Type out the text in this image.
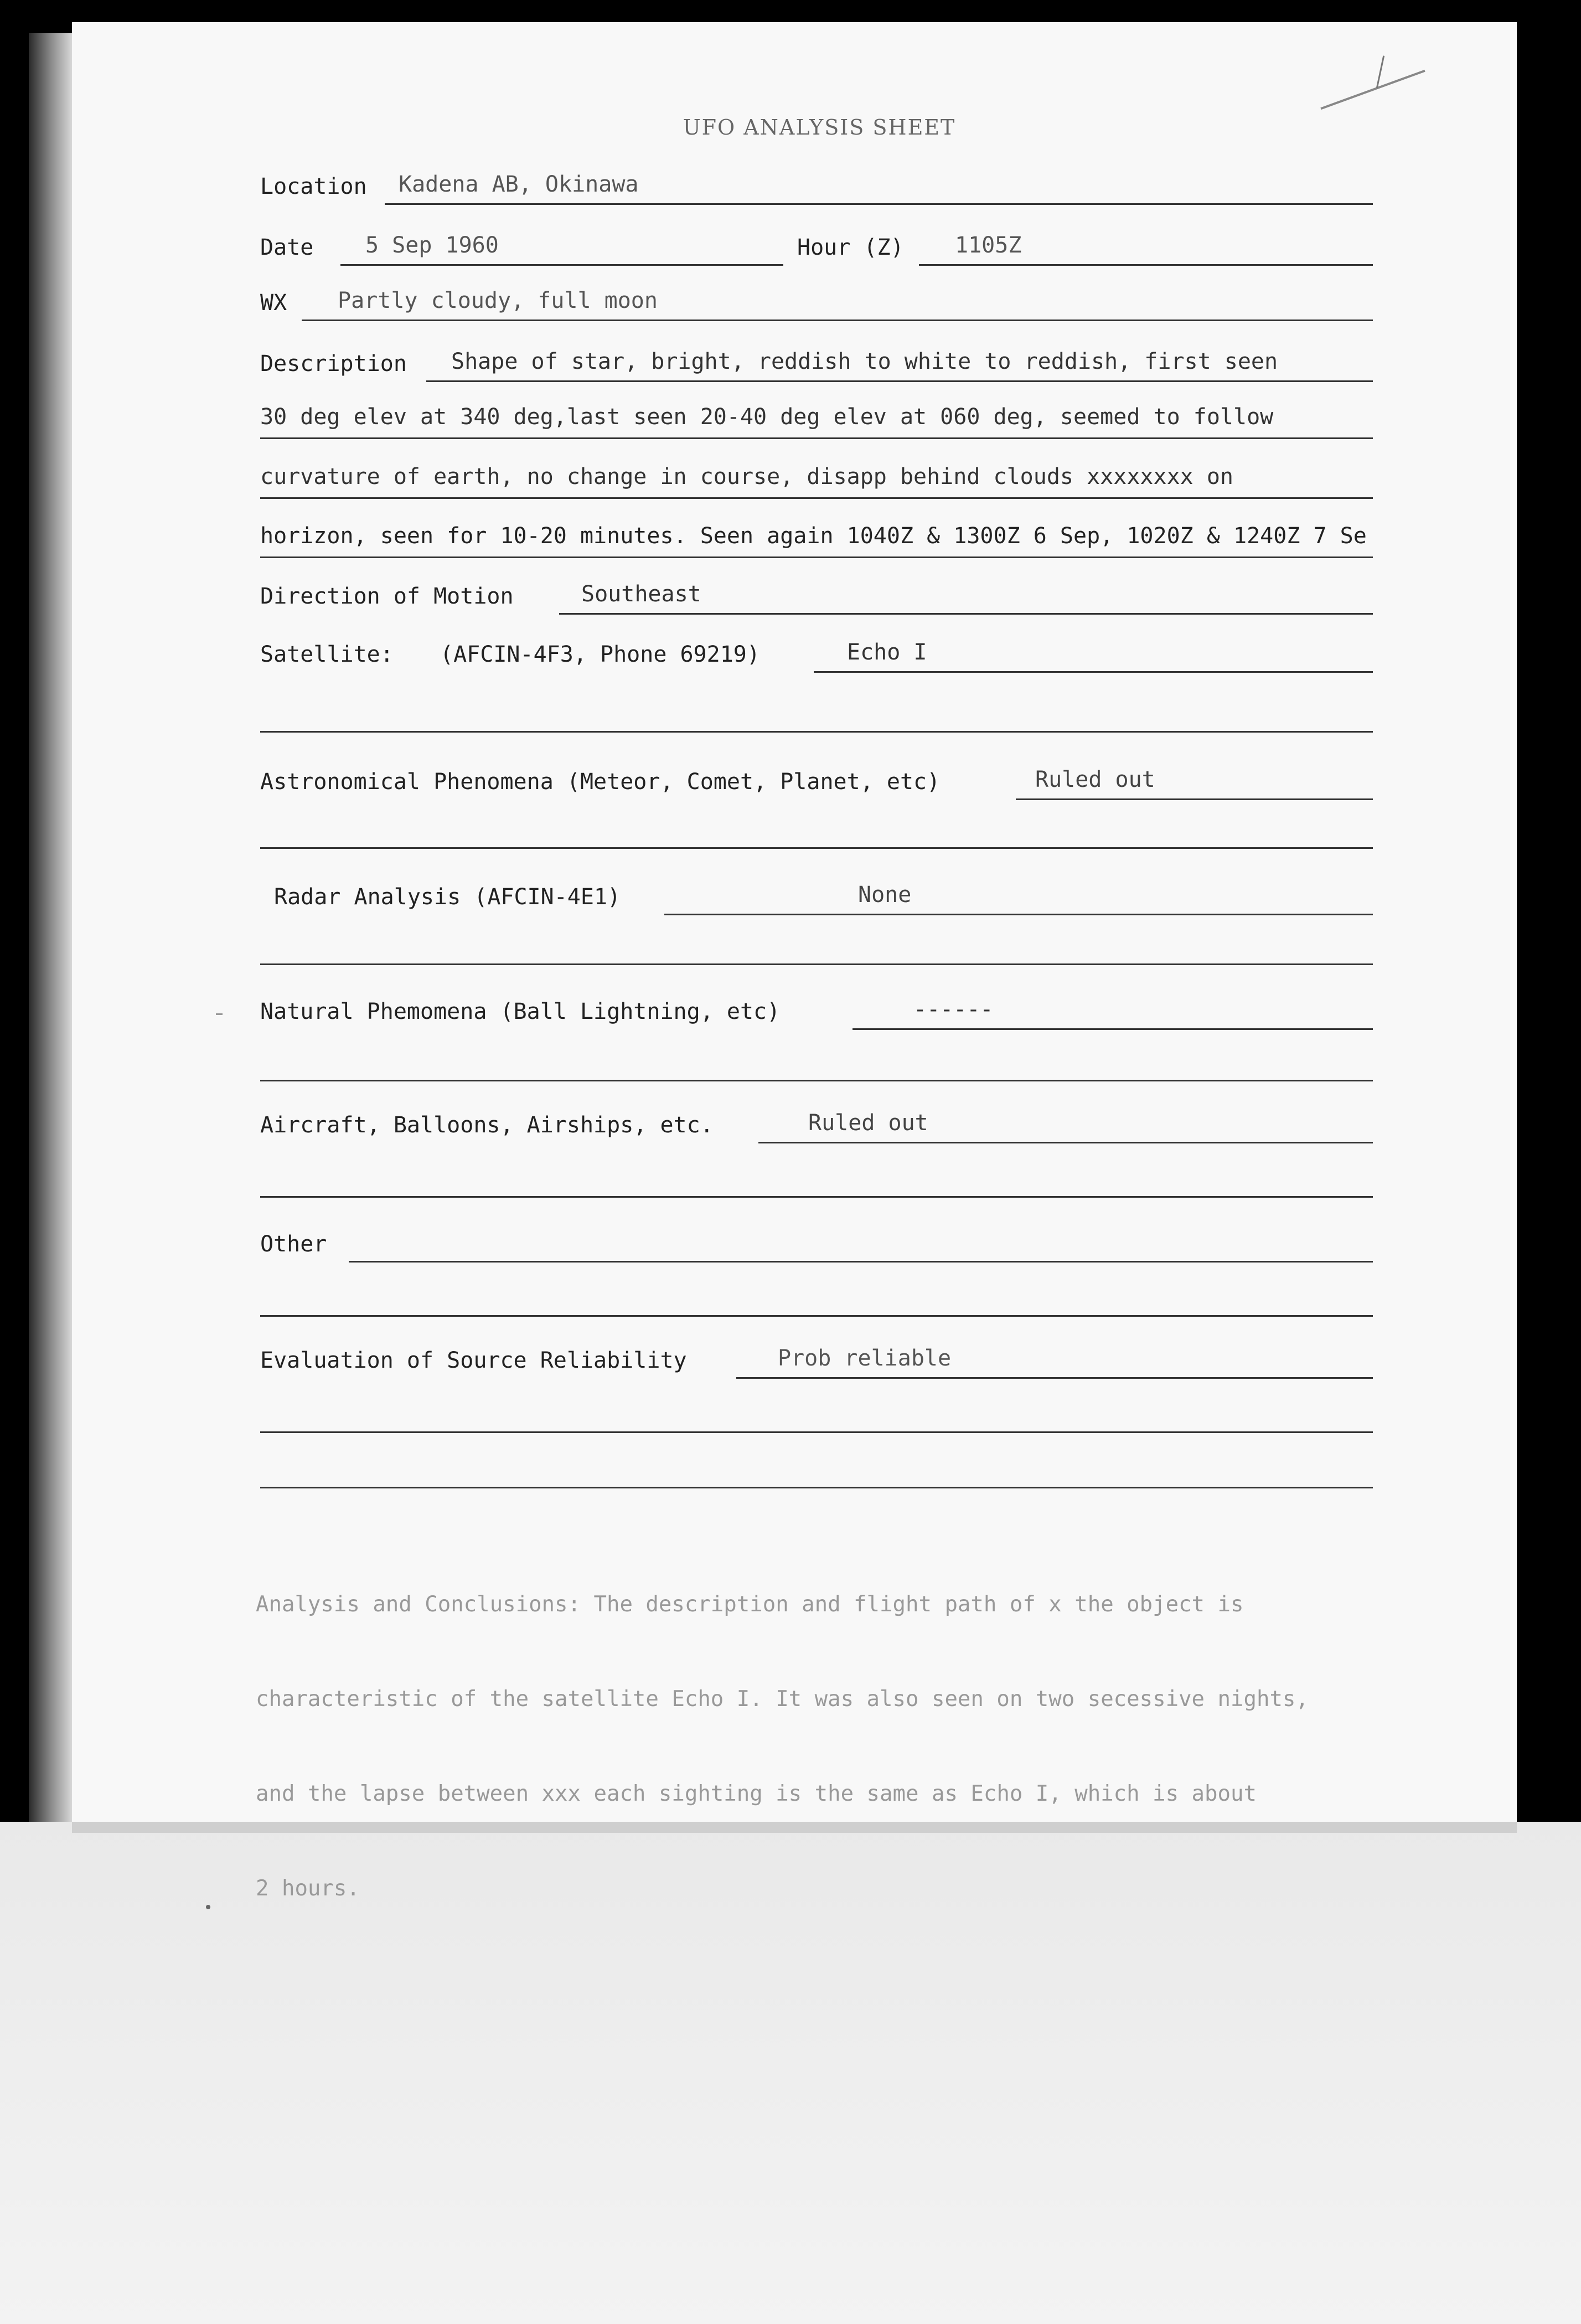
UFO ANALYSIS SHEET
Location Kadena AB, Okinawa
Date 5 Sep 1960	Hour (Z) 1105Z
WX Partly cloudy, full moon
Description Shape of star, bright, reddish to white to reddish, first seen
30 deg elev at 340 deg,last seen 20-40 deg elev at 060 deg, seemed to follow
curvature of earth, no change in course, disapp behind clouds xxxxxxxx on
horizon, seen for 10-20 minutes. Seen again 1040Z & 1300Z 6 Sep, 1020Z & 1240Z 7 Se
Direction of Motion	Southeast
Satellite: (AFCIN-4F3, Phone 69219)	Echo I
Astronomical Phenomena (Meteor, Comet, Planet, etc)	Ruled out
Radar Analysis (AFCIN-4E1)	None
Natural Phemomena (Ball Lightning, etc)	------
Aircraft, Balloons, Airships, etc.	Ruled out
Other
Evaluation of Source Reliability	Prob reliable

Analysis and Conclusions: The description and flight path of x the object is

characteristic of the satellite Echo I. It was also seen on two secessive nights,

and the lapse between xxx each sighting is the same as Echo I, which is about

2 hours.
